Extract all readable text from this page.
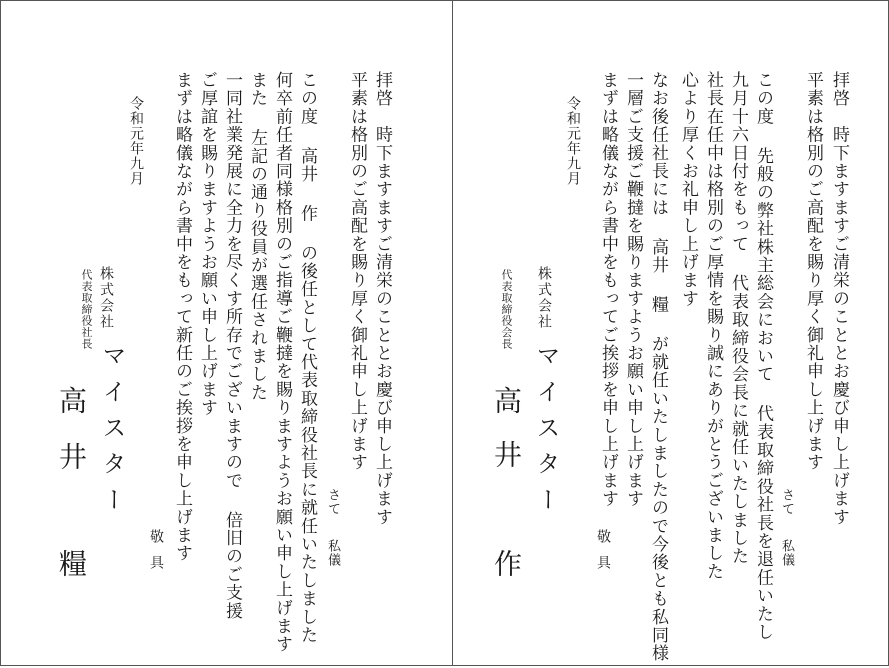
拝啓　時下ますますご清栄のこととお慶び申し上げます
平素は格別のご高配を賜り厚く御礼申し上げます
さて
私儀
この度 高井 作 の後任として代表取締役社長に就任いたしました
何卒前任者同様格別のご指導ご鞭撻を賜りますようお願い申し上げます
また 左記の通り役員が選任されました
一同社業発展に全力を尽くす所存でございますので 倍旧のご支援
ご厚誼を賜りますようお願い申し上げます
まずは略儀ながら書中をもって新任のご挨拶を申し上げます
敬具
令和元年九月
株式会社
代表取締役社長
マイスター
高井
糧
拝啓　時下ますますご清栄のこととお慶び申し上げます
平素は格別のご高配を賜り厚く御礼申し上げます
さて
私儀
この度 先般の弊社株主総会において 代表取締役社長を退任いたし
九月十六日付をもって 代表取締役会長に就任いたしました
社長在任中は格別のご厚情を賜り誠にありがとうございました
心より厚くお礼申し上げます
なお後任社長には 高井 糧 が就任いたしましたので今後とも私同様
一層ご支援ご鞭撻を賜りますようお願い申し上げます
まずは略儀ながら書中をもってご挨拶を申し上げます
敬具
令和元年九月
株式会社
代表取締役会長
マイスター
高井
作
